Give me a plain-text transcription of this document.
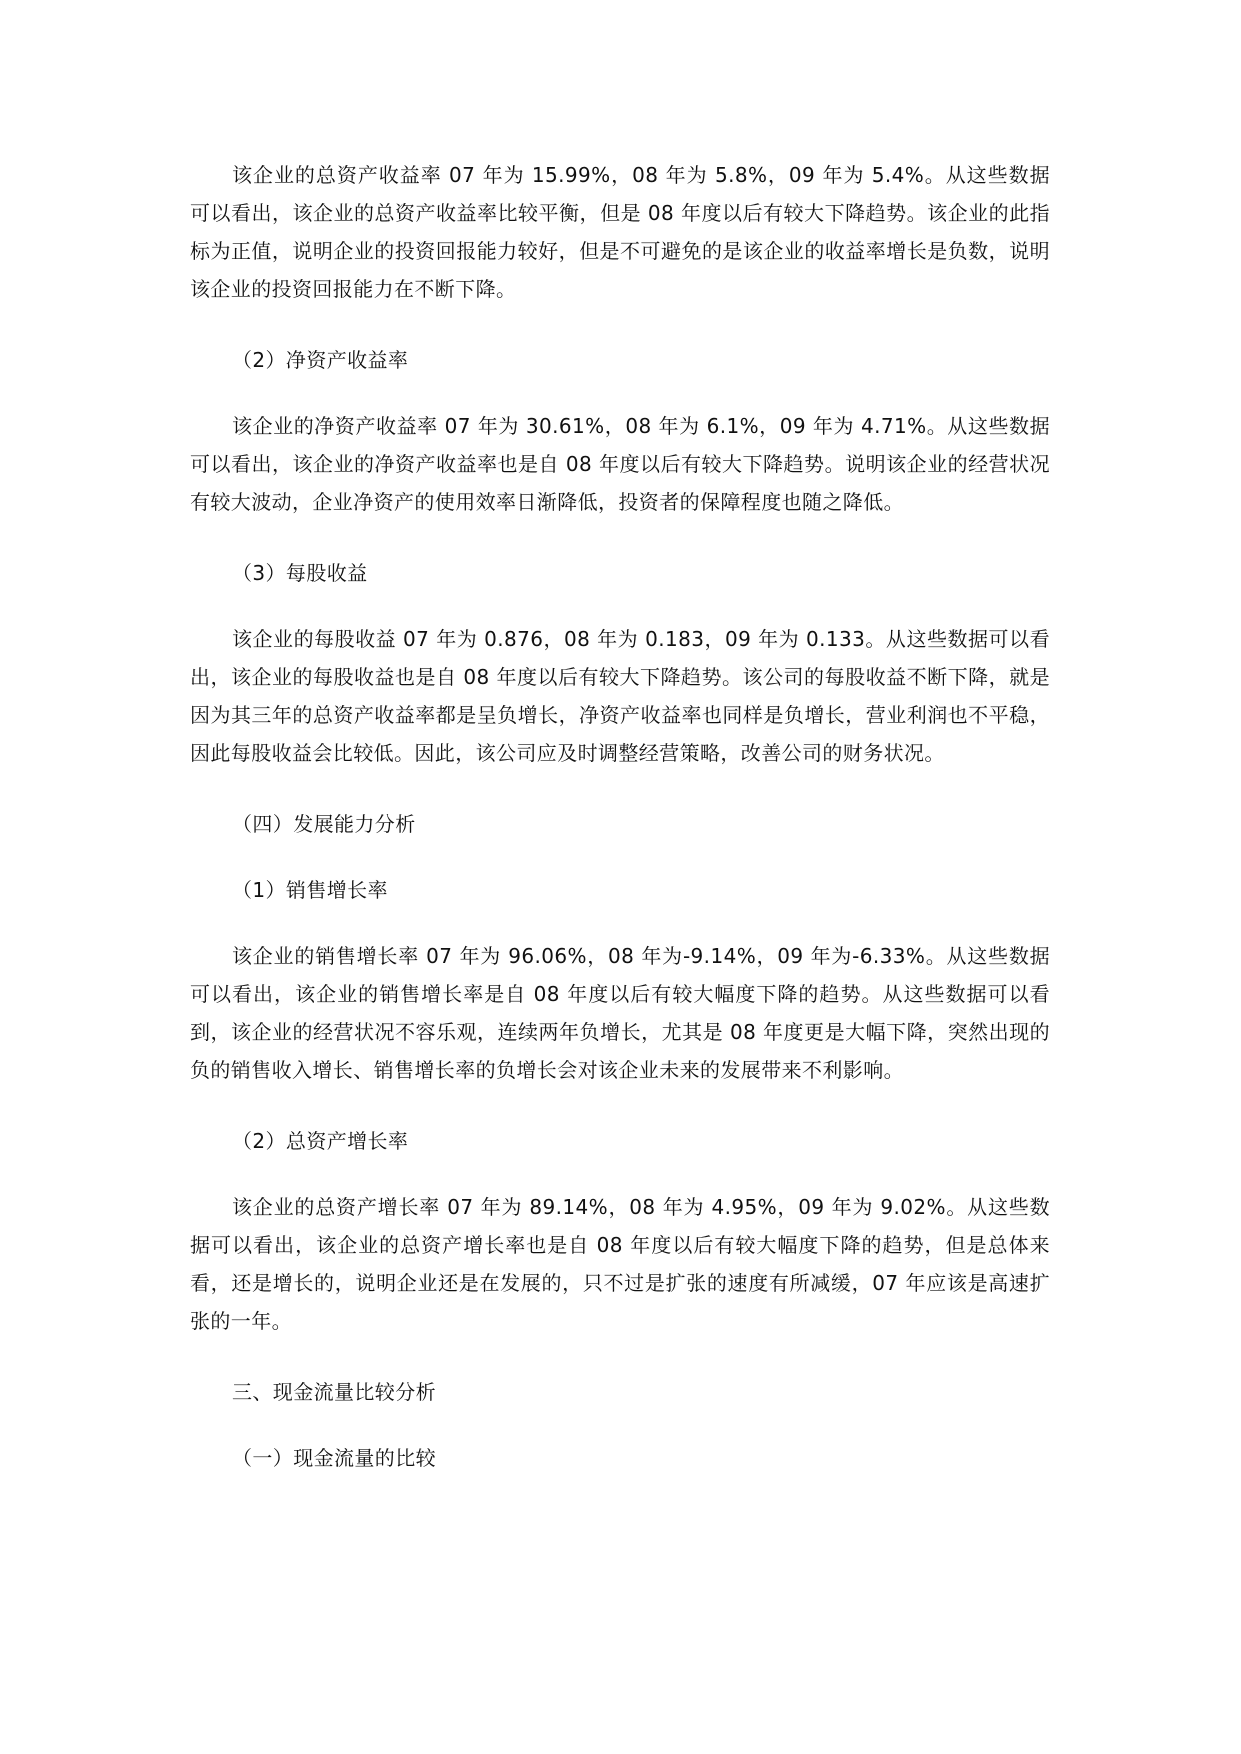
该企业的总资产收益率 07 年为 15.99%，08 年为 5.8%，09 年为 5.4%。从这些数据可以看出，该企业的总资产收益率比较平衡，但是 08 年度以后有较大下降趋势。该企业的此指标为正值，说明企业的投资回报能力较好，但是不可避免的是该企业的收益率增长是负数，说明该企业的投资回报能力在不断下降。

（2）净资产收益率

该企业的净资产收益率 07 年为 30.61%，08 年为 6.1%，09 年为 4.71%。从这些数据可以看出，该企业的净资产收益率也是自 08 年度以后有较大下降趋势。说明该企业的经营状况有较大波动，企业净资产的使用效率日渐降低，投资者的保障程度也随之降低。

（3）每股收益

该企业的每股收益 07 年为 0.876，08 年为 0.183，09 年为 0.133。从这些数据可以看出，该企业的每股收益也是自 08 年度以后有较大下降趋势。该公司的每股收益不断下降，就是因为其三年的总资产收益率都是呈负增长，净资产收益率也同样是负增长，营业利润也不平稳，因此每股收益会比较低。因此，该公司应及时调整经营策略，改善公司的财务状况。

（四）发展能力分析

（1）销售增长率

该企业的销售增长率 07 年为 96.06%，08 年为-9.14%，09 年为-6.33%。从这些数据可以看出，该企业的销售增长率是自 08 年度以后有较大幅度下降的趋势。从这些数据可以看到，该企业的经营状况不容乐观，连续两年负增长，尤其是 08 年度更是大幅下降，突然出现的负的销售收入增长、销售增长率的负增长会对该企业未来的发展带来不利影响。

（2）总资产增长率

该企业的总资产增长率 07 年为 89.14%，08 年为 4.95%，09 年为 9.02%。从这些数据可以看出，该企业的总资产增长率也是自 08 年度以后有较大幅度下降的趋势，但是总体来看，还是增长的，说明企业还是在发展的，只不过是扩张的速度有所减缓，07 年应该是高速扩张的一年。

三、现金流量比较分析

（一）现金流量的比较
